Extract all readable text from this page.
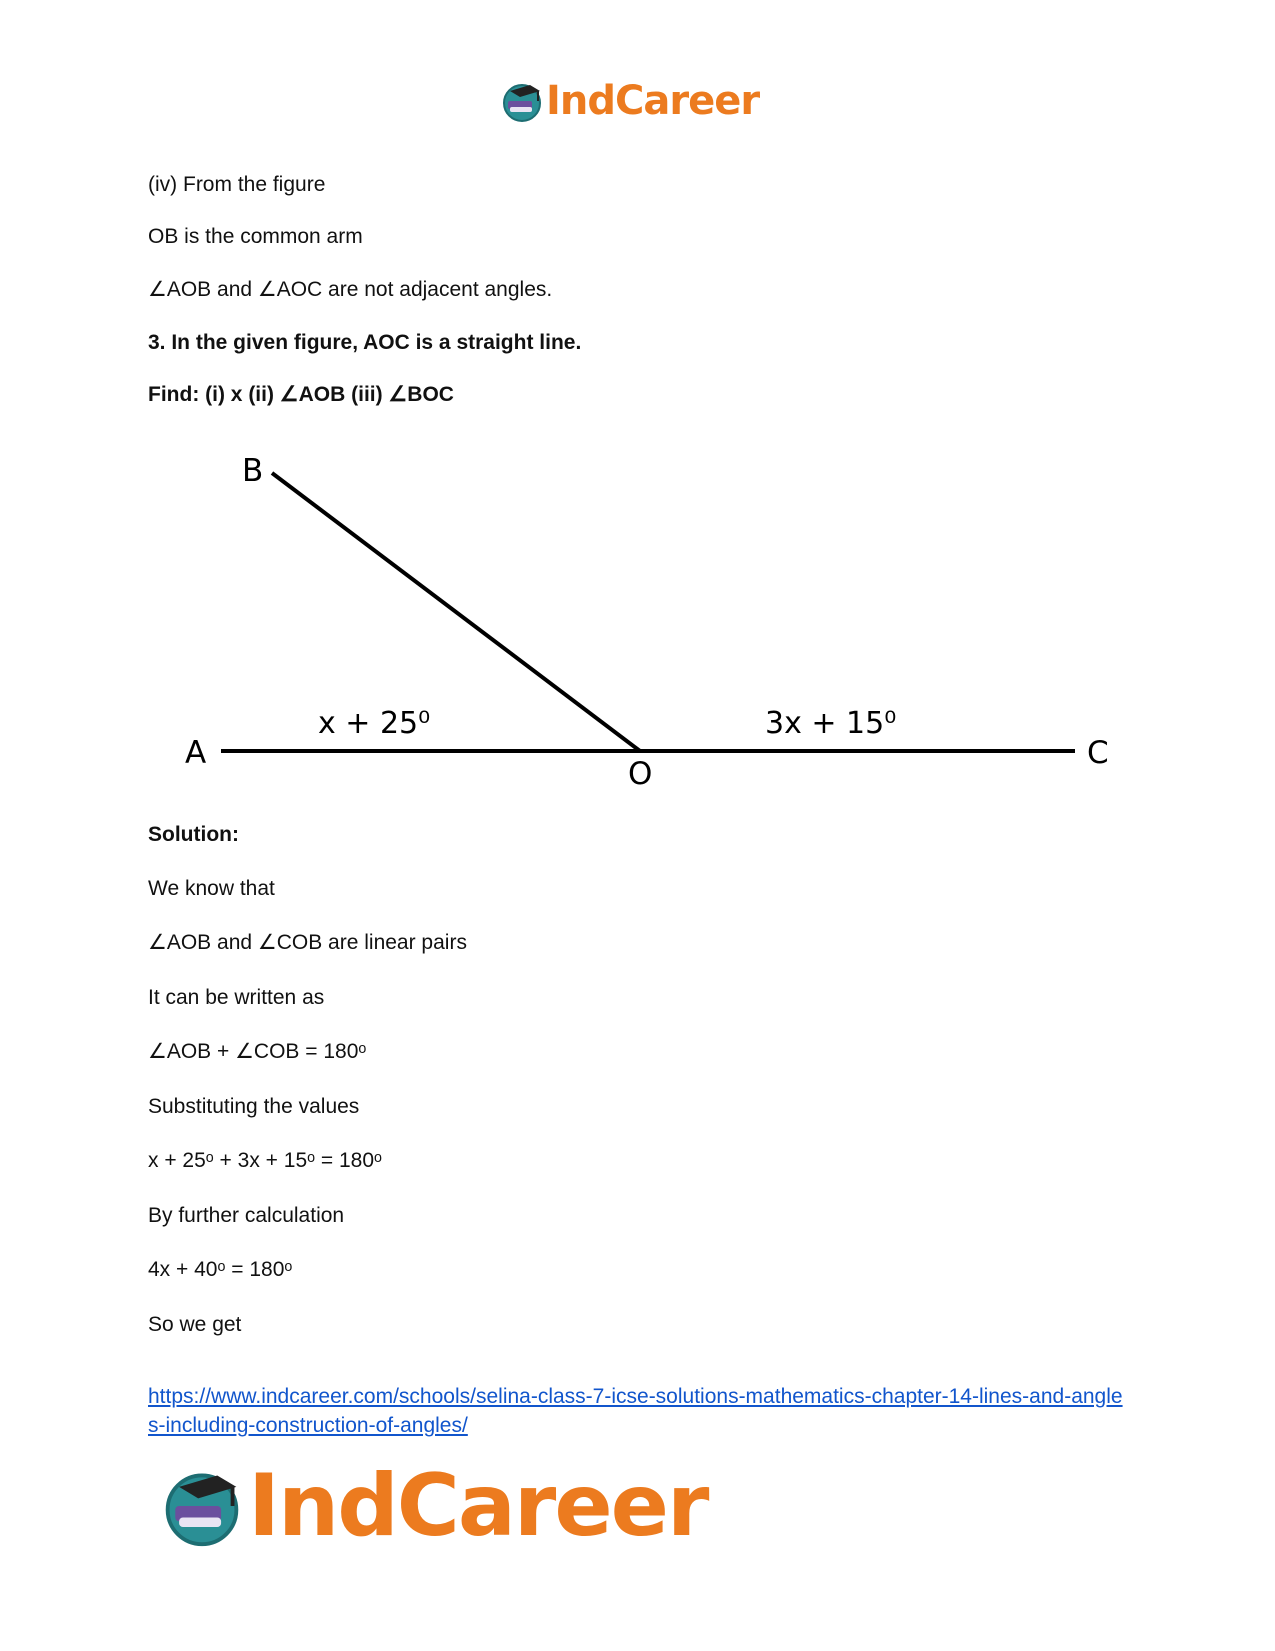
IndCareer
(iv) From the figure
OB is the common arm
∠AOB and ∠AOC are not adjacent angles.
3. In the given figure, AOC is a straight line.
Find: (i) x (ii) ∠AOB (iii) ∠BOC
B
A
O
C
x + 25⁰	3x + 15⁰
Solution:
We know that
∠AOB and ∠COB are linear pairs
It can be written as
∠AOB + ∠COB = 180ᵒ
Substituting the values
x + 25ᵒ + 3x + 15ᵒ = 180ᵒ
By further calculation
4x + 40ᵒ = 180ᵒ
So we get
https://www.indcareer.com/schools/selina-class-7-icse-solutions-mathematics-chapter-14-lines-and-angles-including-construction-of-angles/
IndCareer
